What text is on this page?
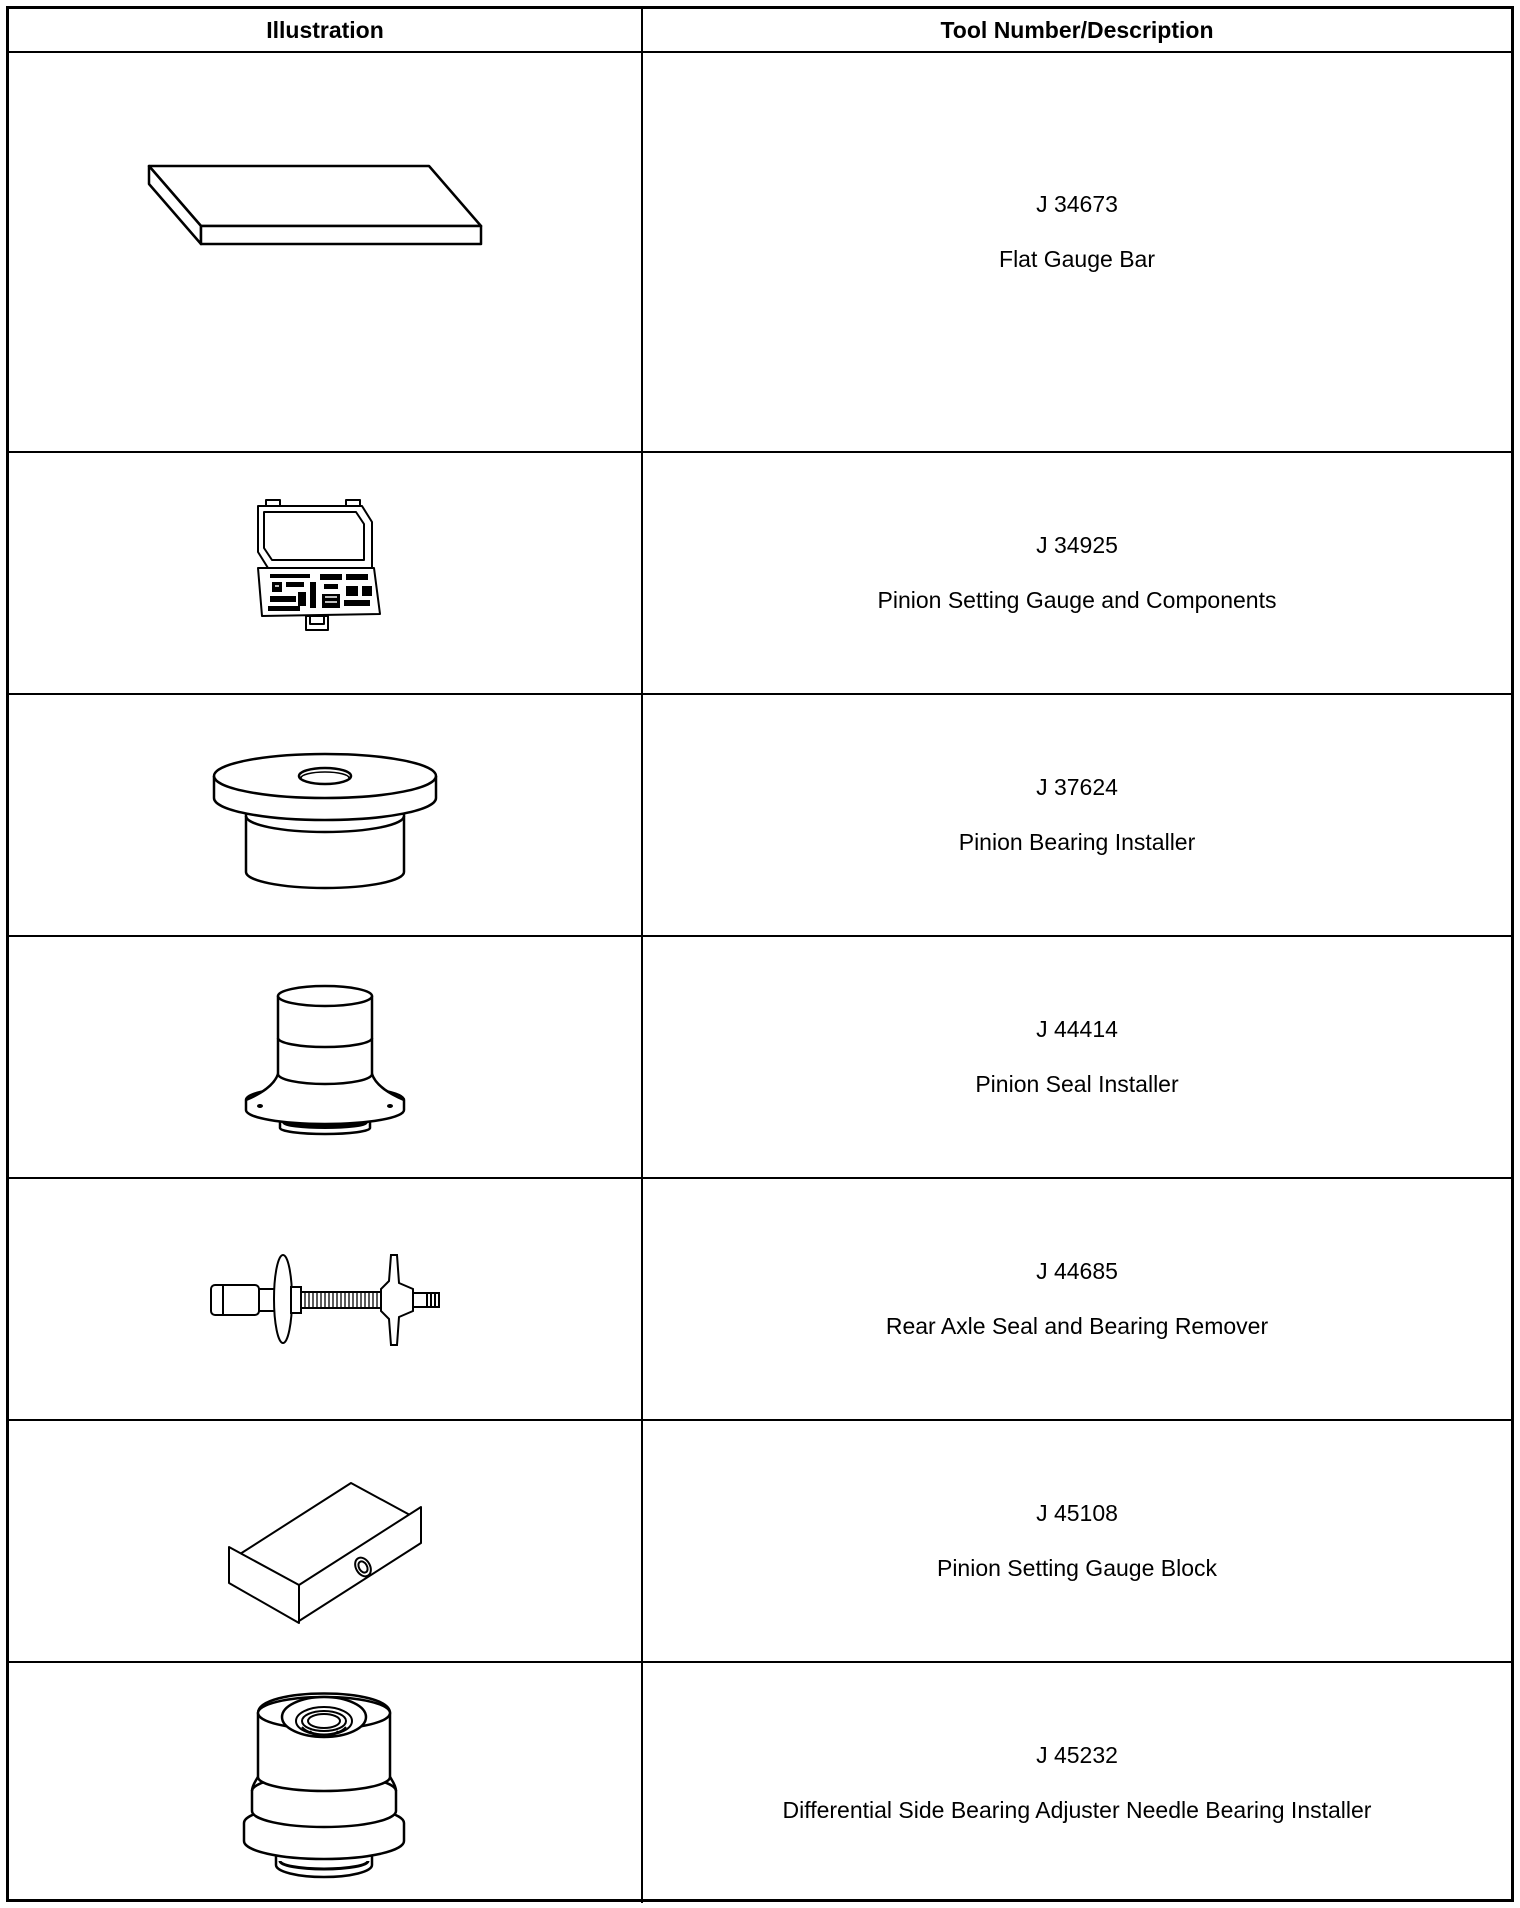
Illustration	Tool Number/Description
J 34673
Flat Gauge Bar
J 34925
Pinion Setting Gauge and Components
J 37624
Pinion Bearing Installer
J 44414
Pinion Seal Installer
J 44685
Rear Axle Seal and Bearing Remover
J 45108
Pinion Setting Gauge Block
J 45232
Differential Side Bearing Adjuster Needle Bearing Installer
